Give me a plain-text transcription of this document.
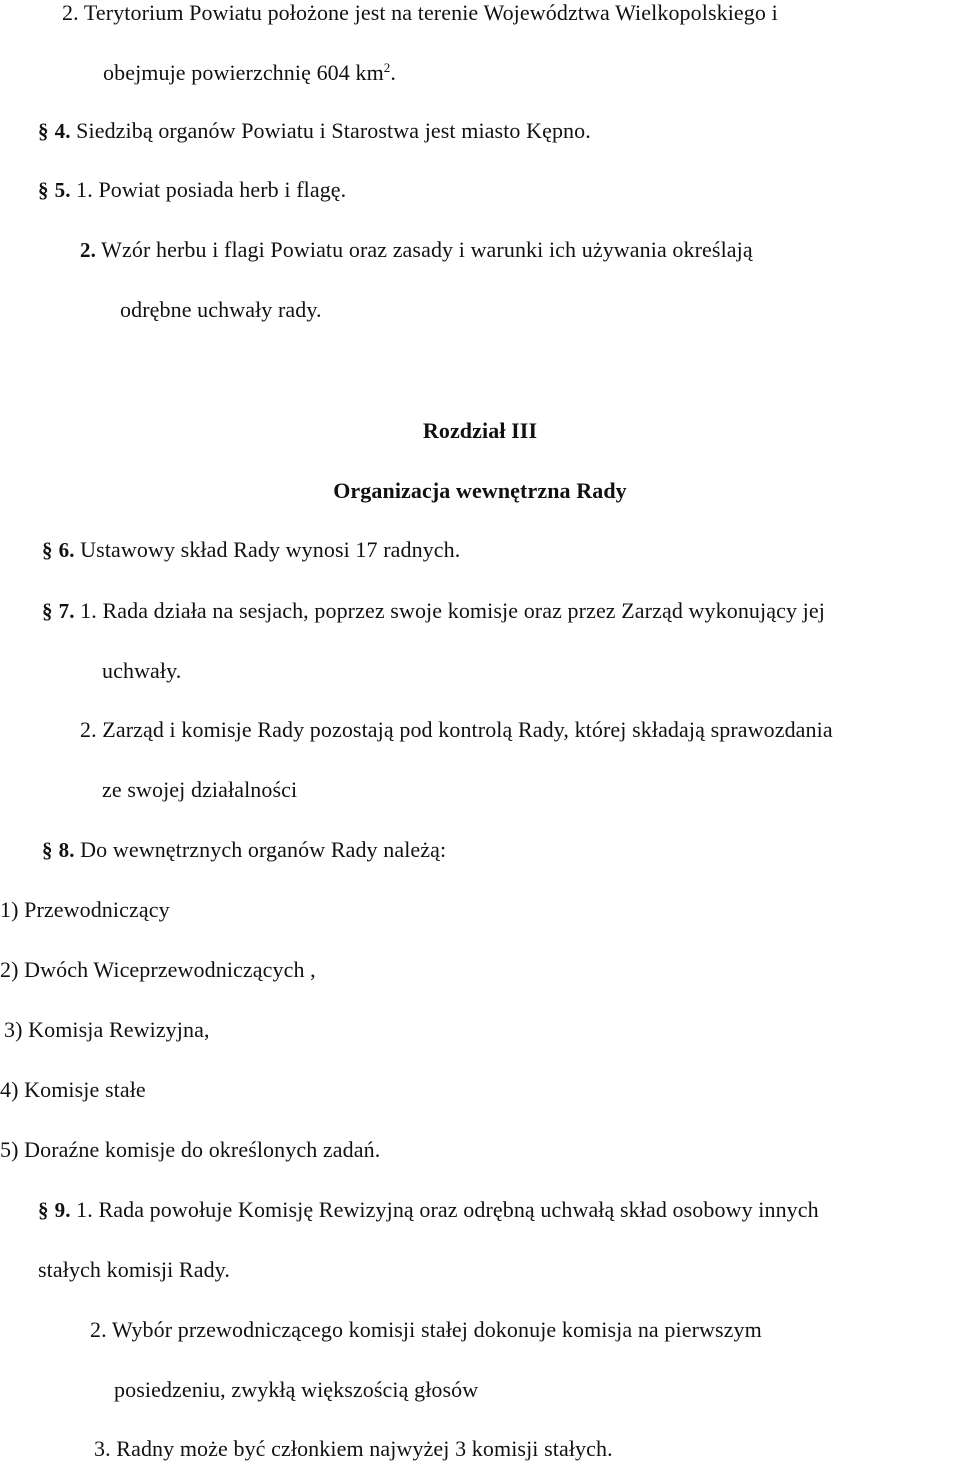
2. Terytorium Powiatu położone jest na terenie Województwa Wielkopolskiego i
obejmuje powierzchnię 604 $km^2$.
§ 4. Siedzibą organów Powiatu i Starostwa jest miasto Kępno.
§ 5. 1. Powiat posiada herb i flagę.
2. Wzór herbu i flagi Powiatu oraz zasady i warunki ich używania określają
odrębne uchwały rady.
Rozdział III
Organizacja wewnętrzna Rady
§ 6. Ustawowy skład Rady wynosi 17 radnych.
§ 7. 1. Rada działa na sesjach, poprzez swoje komisje oraz przez Zarząd wykonujący jej
uchwały.
2. Zarząd i komisje Rady pozostają pod kontrolą Rady, której składają sprawozdania
ze swojej działalności
§ 8. Do wewnętrznych organów Rady należą:
1) Przewodniczący
2) Dwóch Wiceprzewodniczących ,
3) Komisja Rewizyjna,
4) Komisje stałe
5) Doraźne komisje do określonych zadań.
§ 9. 1. Rada powołuje Komisję Rewizyjną oraz odrębną uchwałą skład osobowy innych
stałych komisji Rady.
2. Wybór przewodniczącego komisji stałej dokonuje komisja na pierwszym
posiedzeniu, zwykłą większością głosów
3. Radny może być członkiem najwyżej 3 komisji stałych.
